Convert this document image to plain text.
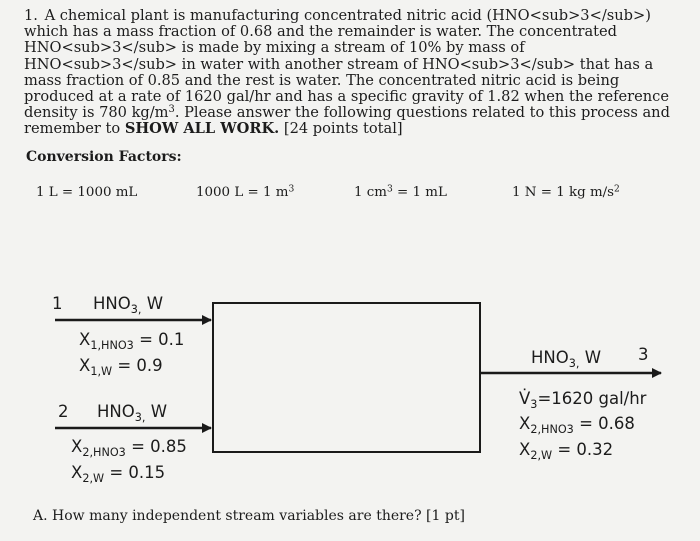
1. A chemical plant is manufacturing concentrated nitric acid (HNO<sub>3</sub>) which has a mass fraction of 0.68 and the remainder is water. The concentrated HNO<sub>3</sub> is made by mixing a stream of 10% by mass of HNO<sub>3</sub> in water with another stream of HNO<sub>3</sub> that has a mass fraction of 0.85 and the rest is water. The concentrated nitric acid is being produced at a rate of 1620 gal/hr and has a specific gravity of 1.82 when the reference density is 780 $kg/m^3$. Please answer the following questions related to this process and remember to SHOW ALL WORK. [24 points total]
Conversion Factors:
1 L = 1000 mL	1000 L = 1 $m^3$	1 $cm^3 = 1$ mL	1 N = 1 kg $m/s^2$
1 $HNO_{3,}$ W
$X_{1,HNO3} = 0.1$
$X_{1,W} = 0.9$
2 $HNO_{3,}$ W
$X_{2,HNO3} = 0.85$
$X_{2,W} = 0.15$
$HNO_{3,}$ W 3
$V̇_3=1620$ gal/hr
$X_{2,HNO3} = 0.68$
$X_{2,W} = 0.32$
A. How many independent stream variables are there? [1 pt]
